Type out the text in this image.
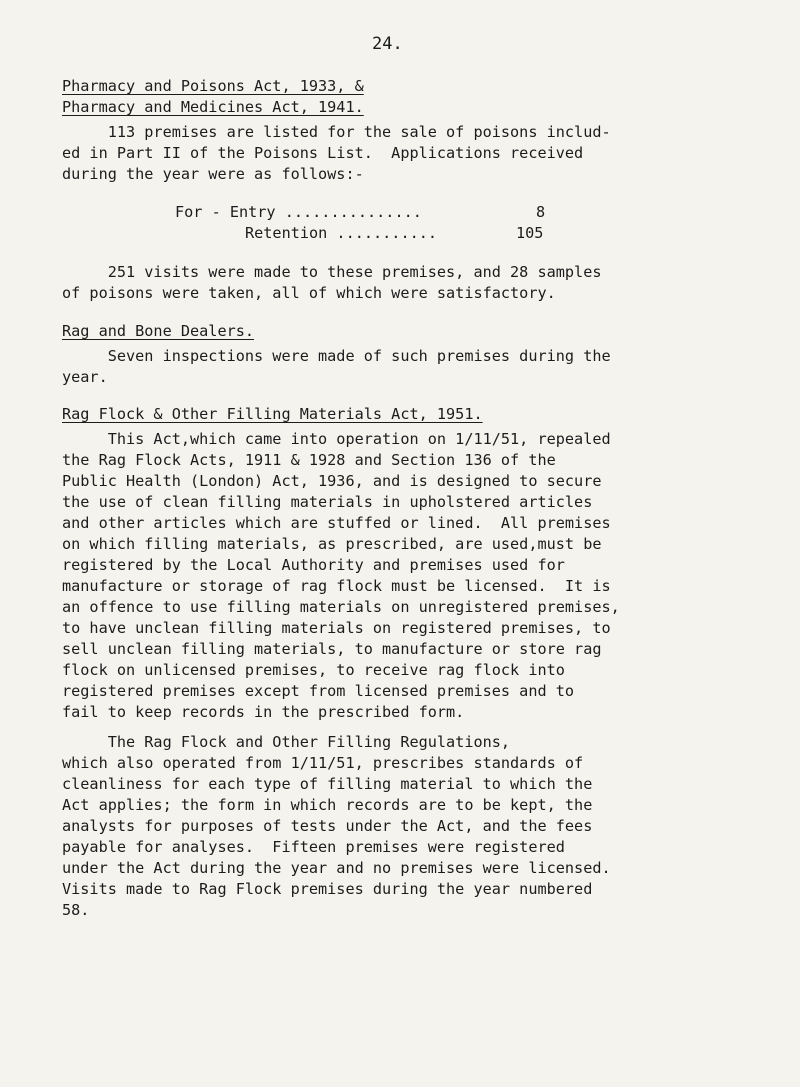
24.
Pharmacy and Poisons Act, 1933, &
Pharmacy and Medicines Act, 1941.
113 premises are listed for the sale of poisons includ-
ed in Part II of the Poisons List.  Applications received
during the year were as follows:-
For - Entry ...............	8
Retention ...........	105
251 visits were made to these premises, and 28 samples
of poisons were taken, all of which were satisfactory.
Rag and Bone Dealers.
Seven inspections were made of such premises during the
year.
Rag Flock & Other Filling Materials Act, 1951.
This Act,which came into operation on 1/11/51, repealed
the Rag Flock Acts, 1911 & 1928 and Section 136 of the
Public Health (London) Act, 1936, and is designed to secure
the use of clean filling materials in upholstered articles
and other articles which are stuffed or lined.  All premises
on which filling materials, as prescribed, are used,must be
registered by the Local Authority and premises used for
manufacture or storage of rag flock must be licensed.  It is
an offence to use filling materials on unregistered premises,
to have unclean filling materials on registered premises, to
sell unclean filling materials, to manufacture or store rag
flock on unlicensed premises, to receive rag flock into
registered premises except from licensed premises and to
fail to keep records in the prescribed form.
The Rag Flock and Other Filling Regulations,
which also operated from 1/11/51, prescribes standards of
cleanliness for each type of filling material to which the
Act applies; the form in which records are to be kept, the
analysts for purposes of tests under the Act, and the fees
payable for analyses.  Fifteen premises were registered
under the Act during the year and no premises were licensed.
Visits made to Rag Flock premises during the year numbered
58.
